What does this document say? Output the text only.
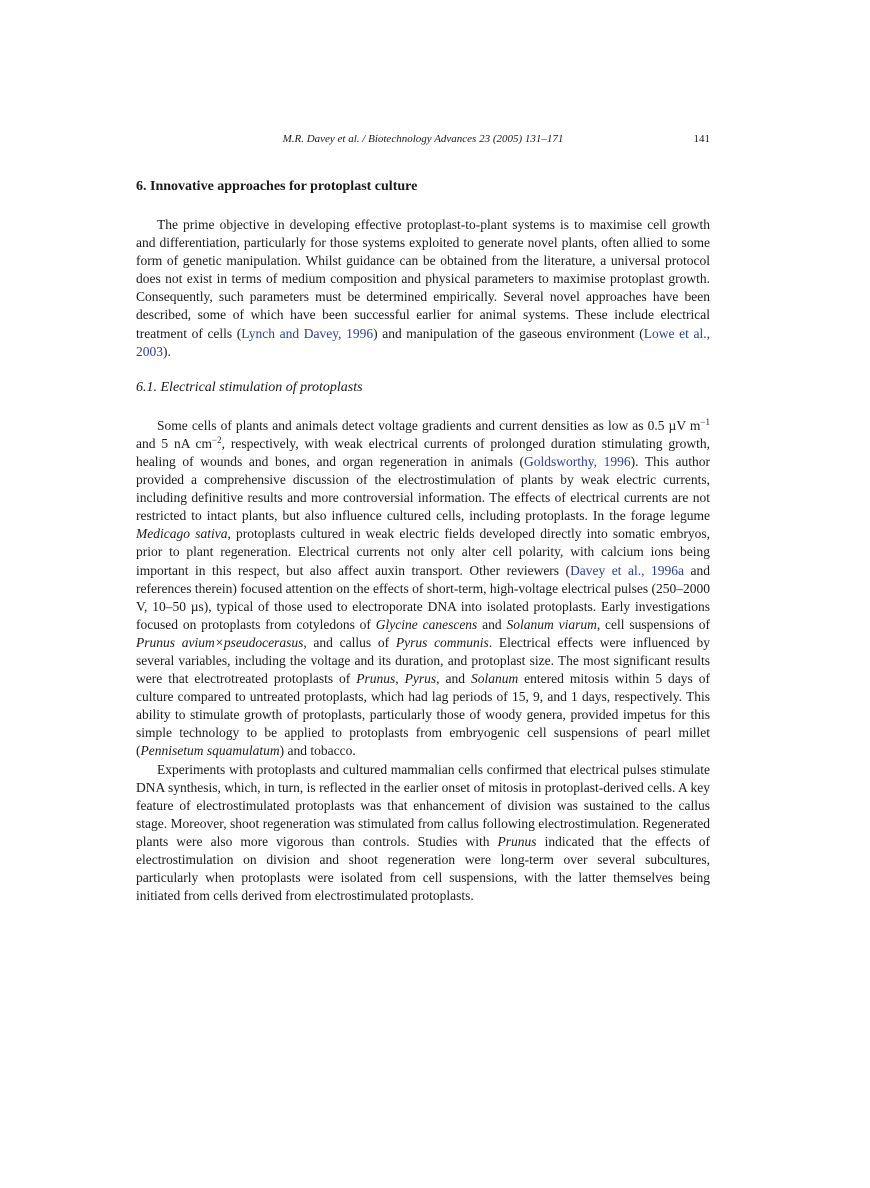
M.R. Davey et al. / Biotechnology Advances 23 (2005) 131–171	141
6. Innovative approaches for protoplast culture

The prime objective in developing effective protoplast-to-plant systems is to maximise cell growth and differentiation, particularly for those systems exploited to generate novel plants, often allied to some form of genetic manipulation. Whilst guidance can be obtained from the literature, a universal protocol does not exist in terms of medium composition and physical parameters to maximise protoplast growth. Consequently, such parameters must be determined empirically. Several novel approaches have been described, some of which have been successful earlier for animal systems. These include electrical treatment of cells (Lynch and Davey, 1996) and manipulation of the gaseous environment (Lowe et al., 2003).

6.1. Electrical stimulation of protoplasts

Some cells of plants and animals detect voltage gradients and current densities as low as 0.5 µV $m^{-1}$ and 5 nA $cm^{-2}$, respectively, with weak electrical currents of prolonged duration stimulating growth, healing of wounds and bones, and organ regeneration in animals (Goldsworthy, 1996). This author provided a comprehensive discussion of the electrostimulation of plants by weak electric currents, including definitive results and more controversial information. The effects of electrical currents are not restricted to intact plants, but also influence cultured cells, including protoplasts. In the forage legume Medicago sativa, protoplasts cultured in weak electric fields developed directly into somatic embryos, prior to plant regeneration. Electrical currents not only alter cell polarity, with calcium ions being important in this respect, but also affect auxin transport. Other reviewers (Davey et al., 1996a and references therein) focused attention on the effects of short-term, high-voltage electrical pulses (250–2000 V, 10–50 µs), typical of those used to electroporate DNA into isolated protoplasts. Early investigations focused on protoplasts from cotyledons of Glycine canescens and Solanum viarum, cell suspensions of Prunus avium×pseudocerasus, and callus of Pyrus communis. Electrical effects were influenced by several variables, including the voltage and its duration, and protoplast size. The most significant results were that electrotreated protoplasts of Prunus, Pyrus, and Solanum entered mitosis within 5 days of culture compared to untreated protoplasts, which had lag periods of 15, 9, and 1 days, respectively. This ability to stimulate growth of protoplasts, particularly those of woody genera, provided impetus for this simple technology to be applied to protoplasts from embryogenic cell suspensions of pearl millet (Pennisetum squamulatum) and tobacco.

Experiments with protoplasts and cultured mammalian cells confirmed that electrical pulses stimulate DNA synthesis, which, in turn, is reflected in the earlier onset of mitosis in protoplast-derived cells. A key feature of electrostimulated protoplasts was that enhancement of division was sustained to the callus stage. Moreover, shoot regeneration was stimulated from callus following electrostimulation. Regenerated plants were also more vigorous than controls. Studies with Prunus indicated that the effects of electrostimulation on division and shoot regeneration were long-term over several subcultures, particularly when protoplasts were isolated from cell suspensions, with the latter themselves being initiated from cells derived from electrostimulated protoplasts.
